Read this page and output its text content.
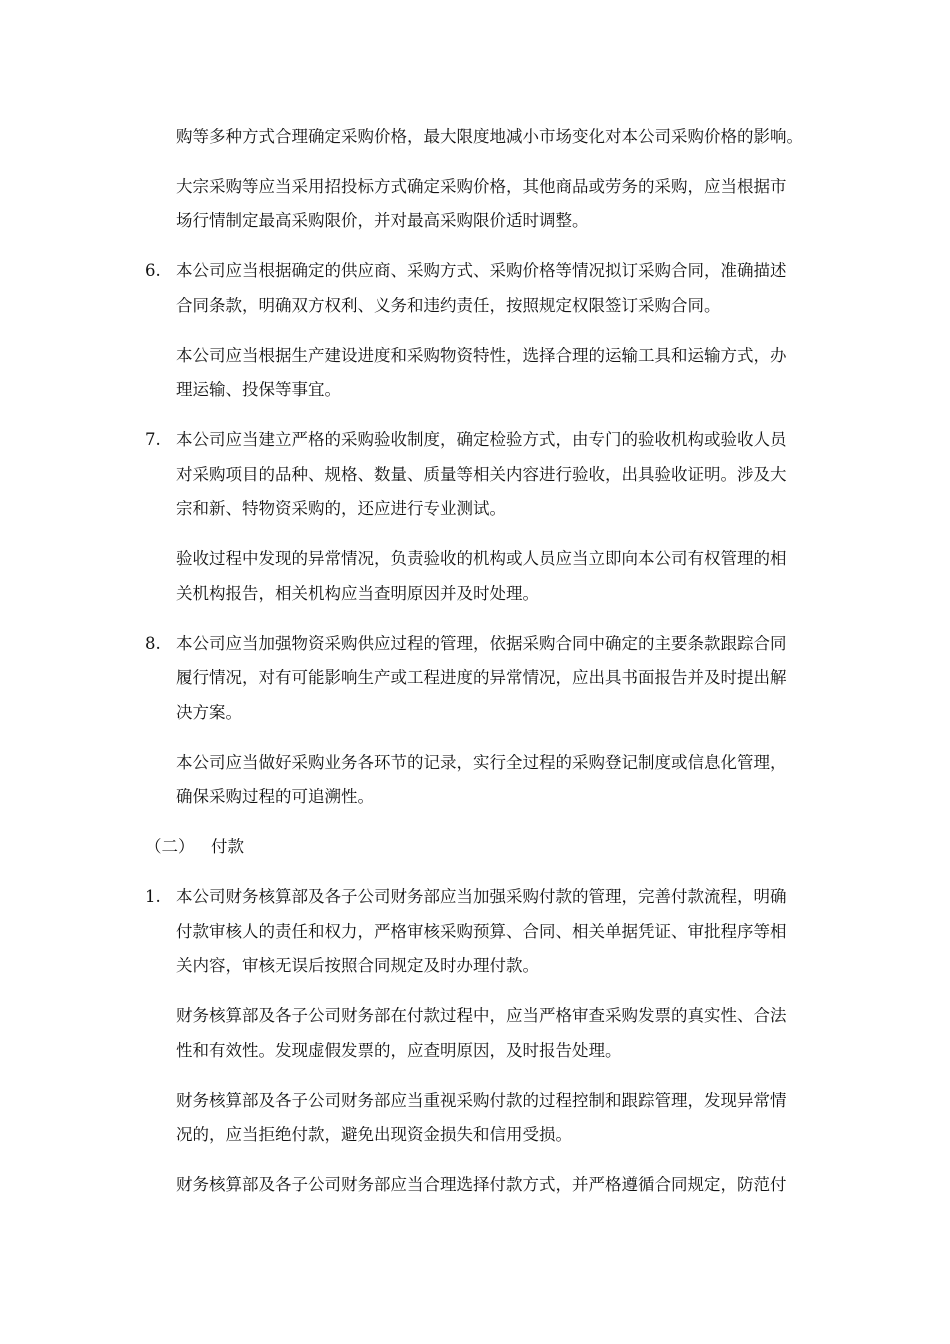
购等多种方式合理确定采购价格，最大限度地减小市场变化对本公司采购价格的影响。
大宗采购等应当采用招投标方式确定采购价格，其他商品或劳务的采购，应当根据市
场行情制定最高采购限价，并对最高采购限价适时调整。
6. 本公司应当根据确定的供应商、采购方式、采购价格等情况拟订采购合同，准确描述
合同条款，明确双方权利、义务和违约责任，按照规定权限签订采购合同。
本公司应当根据生产建设进度和采购物资特性，选择合理的运输工具和运输方式，办
理运输、投保等事宜。
7. 本公司应当建立严格的采购验收制度，确定检验方式，由专门的验收机构或验收人员
对采购项目的品种、规格、数量、质量等相关内容进行验收，出具验收证明。涉及大
宗和新、特物资采购的，还应进行专业测试。
验收过程中发现的异常情况，负责验收的机构或人员应当立即向本公司有权管理的相
关机构报告，相关机构应当查明原因并及时处理。
8. 本公司应当加强物资采购供应过程的管理，依据采购合同中确定的主要条款跟踪合同
履行情况，对有可能影响生产或工程进度的异常情况，应出具书面报告并及时提出解
决方案。
本公司应当做好采购业务各环节的记录，实行全过程的采购登记制度或信息化管理，
确保采购过程的可追溯性。
（二） 付款
1. 本公司财务核算部及各子公司财务部应当加强采购付款的管理，完善付款流程，明确
付款审核人的责任和权力，严格审核采购预算、合同、相关单据凭证、审批程序等相
关内容，审核无误后按照合同规定及时办理付款。
财务核算部及各子公司财务部在付款过程中，应当严格审查采购发票的真实性、合法
性和有效性。发现虚假发票的，应查明原因，及时报告处理。
财务核算部及各子公司财务部应当重视采购付款的过程控制和跟踪管理，发现异常情
况的，应当拒绝付款，避免出现资金损失和信用受损。
财务核算部及各子公司财务部应当合理选择付款方式，并严格遵循合同规定，防范付
